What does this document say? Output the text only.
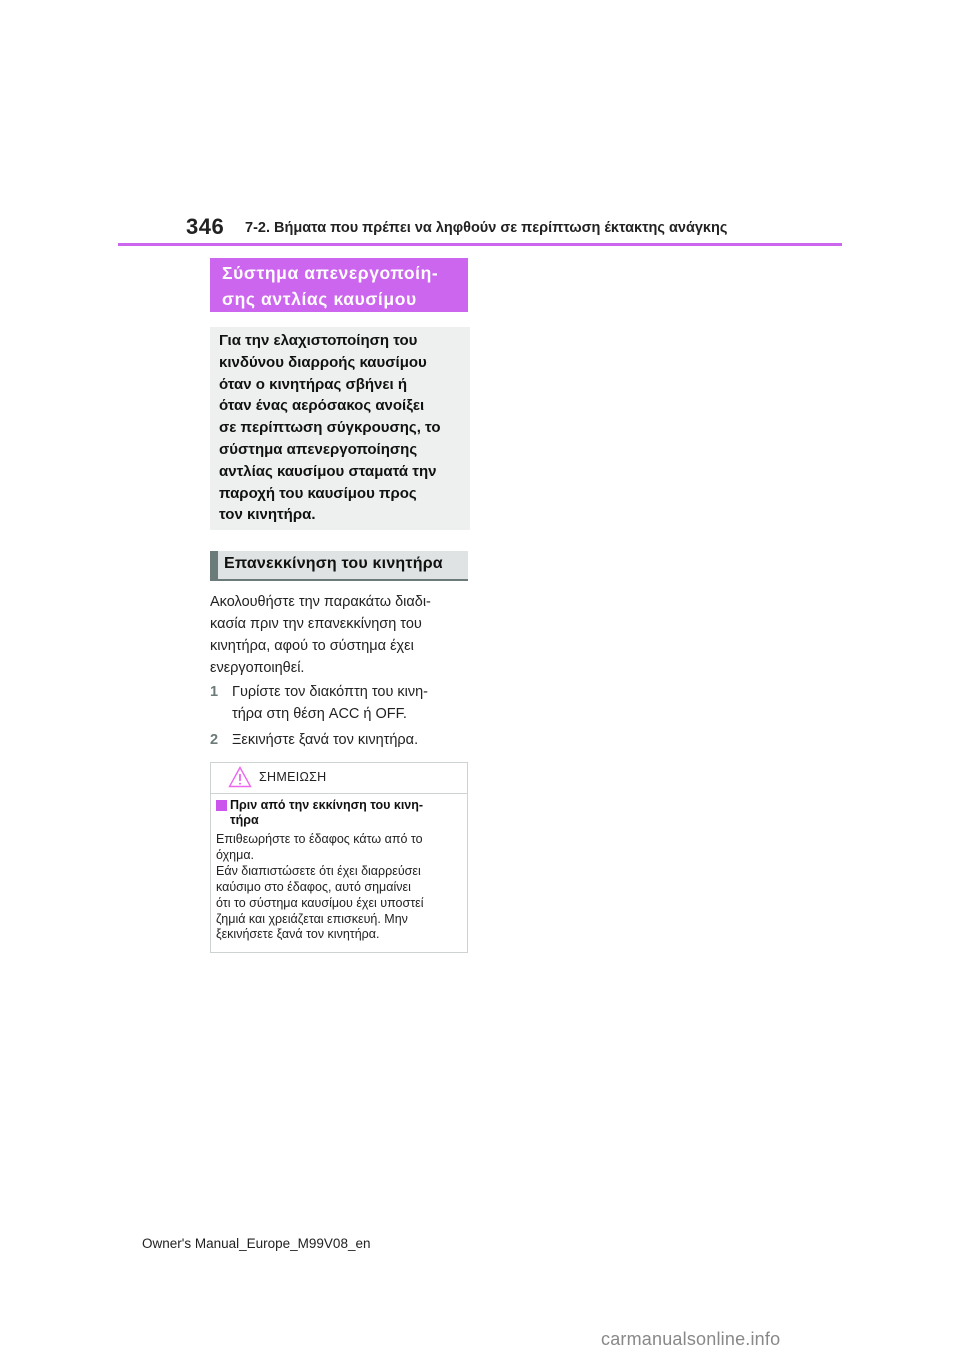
346 7-2. Βήματα που πρέπει να ληφθούν σε περίπτωση έκτακτης ανάγκης
Σύστημα απενεργοποίη-
σης αντλίας καυσίμου
Για την ελαχιστοποίηση του
κινδύνου διαρροής καυσίμου
όταν ο κινητήρας σβήνει ή
όταν ένας αερόσακος ανοίξει
σε περίπτωση σύγκρουσης, το
σύστημα απενεργοποίησης
αντλίας καυσίμου σταματά την
παροχή του καυσίμου προς
τον κινητήρα.
Επανεκκίνηση του κινητήρα
Ακολουθήστε την παρακάτω διαδι-
κασία πριν την επανεκκίνηση του
κινητήρα, αφού το σύστημα έχει
ενεργοποιηθεί.
1 Γυρίστε τον διακόπτη του κινη-
τήρα στη θέση ACC ή OFF.
2 Ξεκινήστε ξανά τον κινητήρα.
ΣΗΜΕΙΩΣΗ
Πριν από την εκκίνηση του κινη-
τήρα
Επιθεωρήστε το έδαφος κάτω από το
όχημα.
Εάν διαπιστώσετε ότι έχει διαρρεύσει
καύσιμο στο έδαφος, αυτό σημαίνει
ότι το σύστημα καυσίμου έχει υποστεί
ζημιά και χρειάζεται επισκευή. Μην
ξεκινήσετε ξανά τον κινητήρα.
Owner's Manual_Europe_M99V08_en
carmanualsonline.info
